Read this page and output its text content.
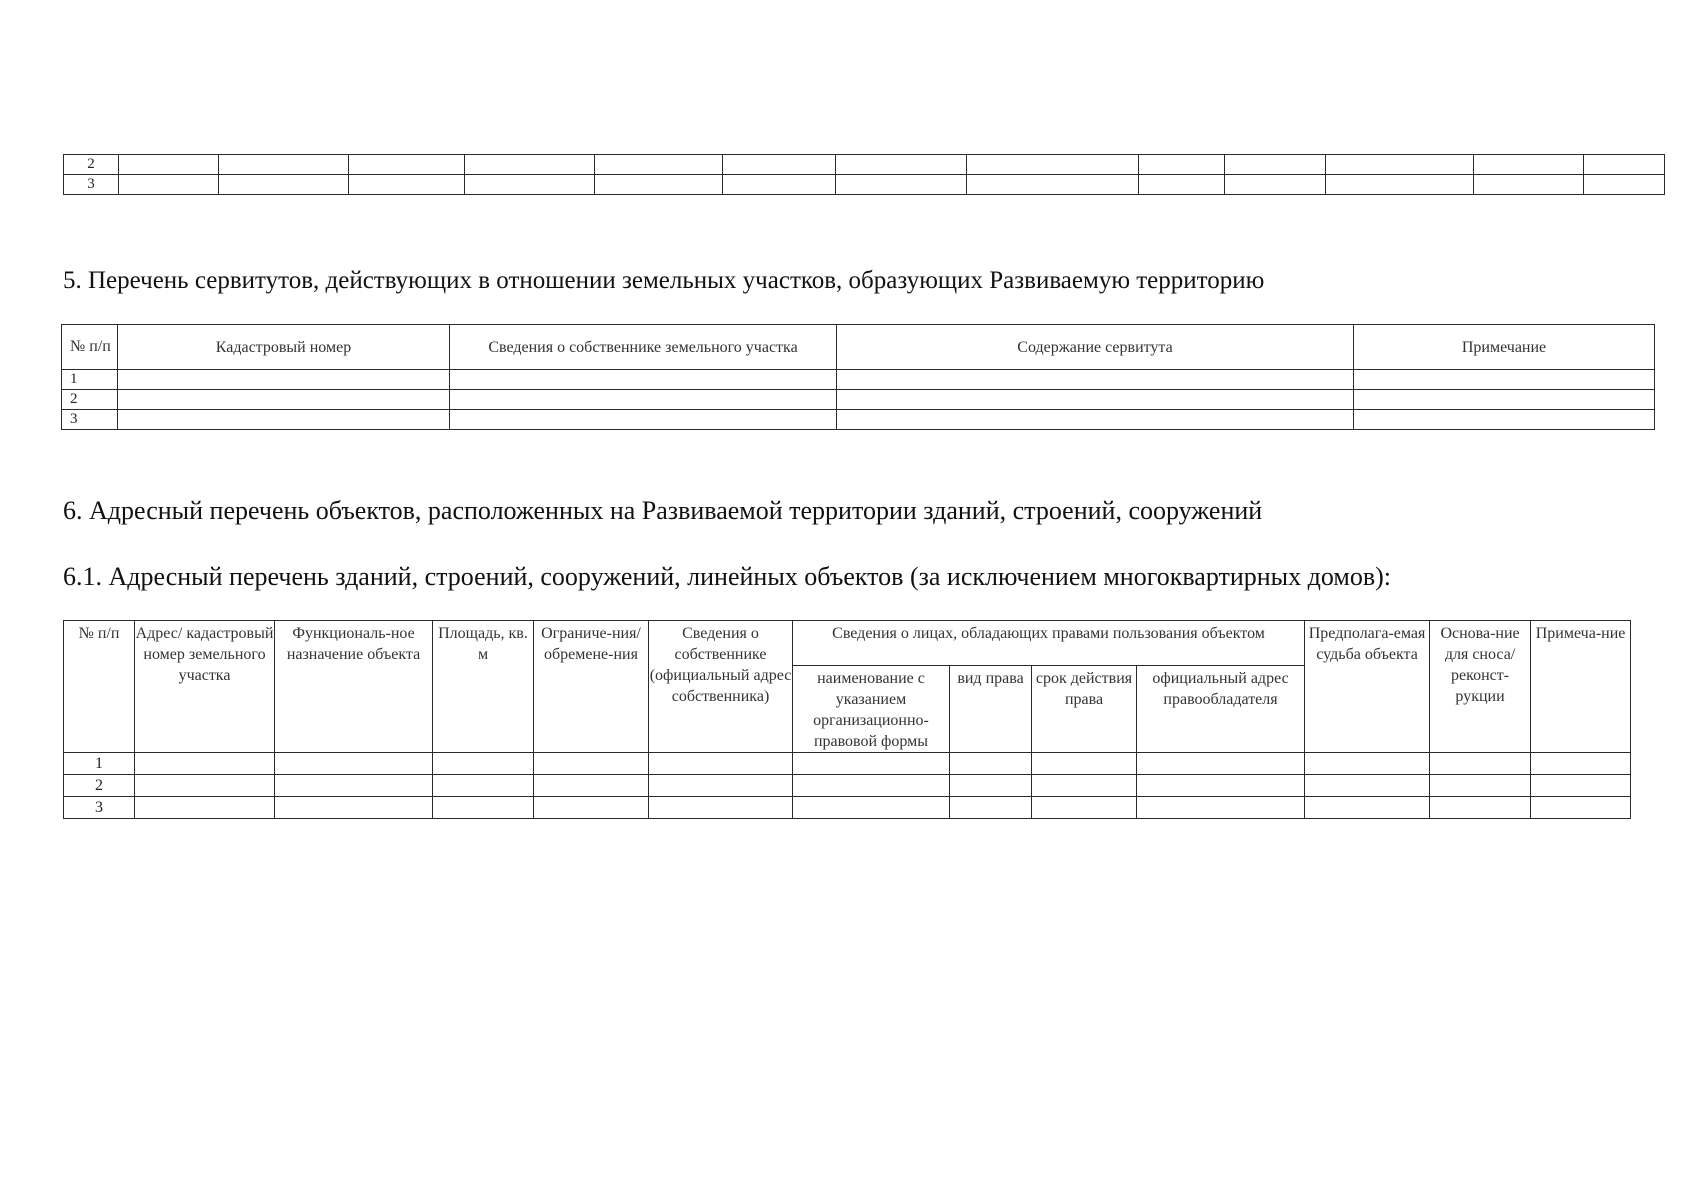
2													
3													
5. Перечень сервитутов, действующих в отношении земельных участков, образующих Развиваемую территорию
№ п/п	Кадастровый номер	Сведения о собственнике земельного участка	Содержание сервитута	Примечание
1				
2				
3				
6. Адресный перечень объектов, расположенных на Развиваемой территории зданий, строений, сооружений
6.1. Адресный перечень зданий, строений, сооружений, линейных объектов (за исключением многоквартирных домов):
№ п/п	Адрес/ кадастровый номер земельного участка	Функциональ-ное назначение объекта	Площадь, кв. м	Ограниче-ния/ обремене-ния	Сведения о собственнике (официальный адрес собственника)	Сведения о лицах, обладающих правами пользования объектом				Предполага-емая судьба объекта	Основа-ние для сноса/ реконст-рукции	Примеча-ние
						наименование с указанием организационно-правовой формы	вид права	срок действия права	официальный адрес правообладателя			
1												
2												
3												
